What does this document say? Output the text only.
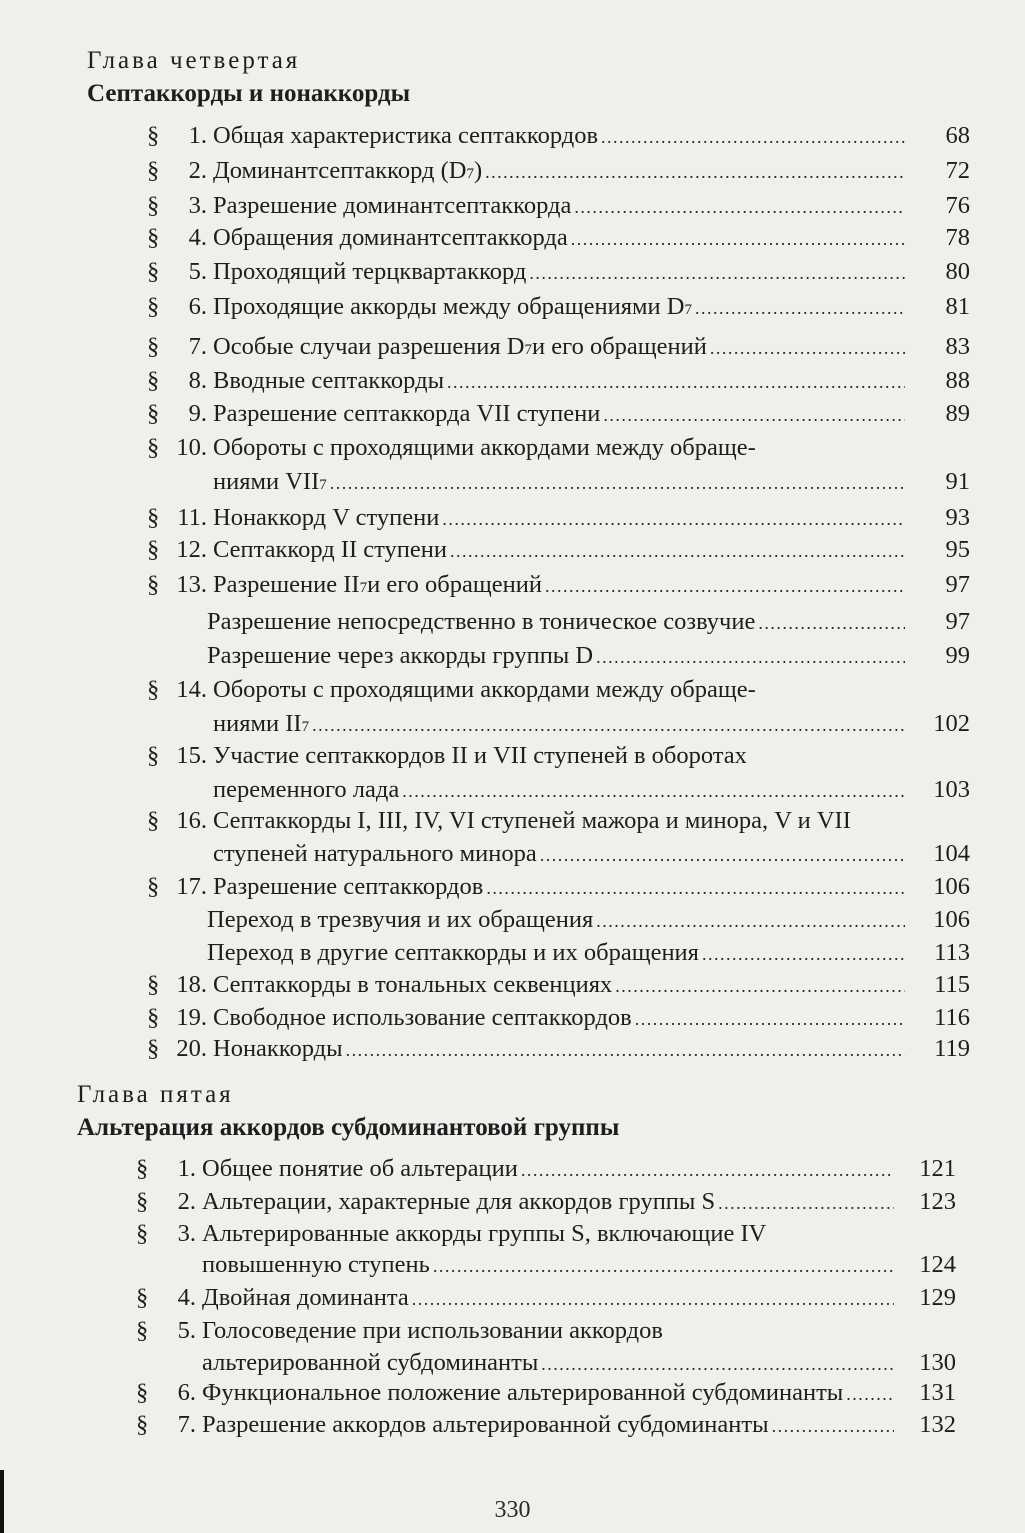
Глава четвертая
Септаккорды и нонаккорды
§	1. Общая характеристика септаккордов .....	68
§	2. Доминантсептаккорд (D 7 ) .....	72
§	3. Разрешение доминантсептаккорда .....	76
§	4. Обращения доминантсептаккорда .....	78
§	5. Проходящий терцквартаккорд .....	80
§	6. Проходящие аккорды между обращениями D 7 .....	81
§	7. Особые случаи разрешения D 7 и его обращений .....	83
§	8. Вводные септаккорды .....	88
§	9. Разрешение септаккорда VII ступени .....	89
§ 10. Обороты с проходящими аккордами между обраще-
ниями VII 7 .....	91
§ 11. Нонаккорд V ступени .....	93
§ 12. Септаккорд II ступени .....	95
§ 13. Разрешение II 7 и его обращений .....	97
Разрешение непосредственно в тоническое созвучие .....	97
Разрешение через аккорды группы D .....	99
§ 14. Обороты с проходящими аккордами между обраще-
ниями II 7 .....	102
§ 15. Участие септаккордов II и VII ступеней в оборотах
переменного лада .....	103
§ 16. Септаккорды I, III, IV, VI ступеней мажора и минора, V и VII
ступеней натурального минора .....	104
§ 17. Разрешение септаккордов .....	106
Переход в трезвучия и их обращения .....	106
Переход в другие септаккорды и их обращения .....	113
§ 18. Септаккорды в тональных секвенциях .....	115
§ 19. Свободное использование септаккордов .....	116
§ 20. Нонаккорды .....	119
Глава пятая
Альтерация аккордов субдоминантовой группы
§	1. Общее понятие об альтерации .....	121
§	2. Альтерации, характерные для аккордов группы S .....	123
§	3. Альтерированные аккорды группы S, включающие IV
повышенную ступень .....	124
§	4. Двойная доминанта .....	129
§	5. Голосоведение при использовании аккордов
альтерированной субдоминанты .....	130
§	6. Функциональное положение альтерированной субдоминанты .....	131
§	7. Разрешение аккордов альтерированной субдоминанты .....	132
330
